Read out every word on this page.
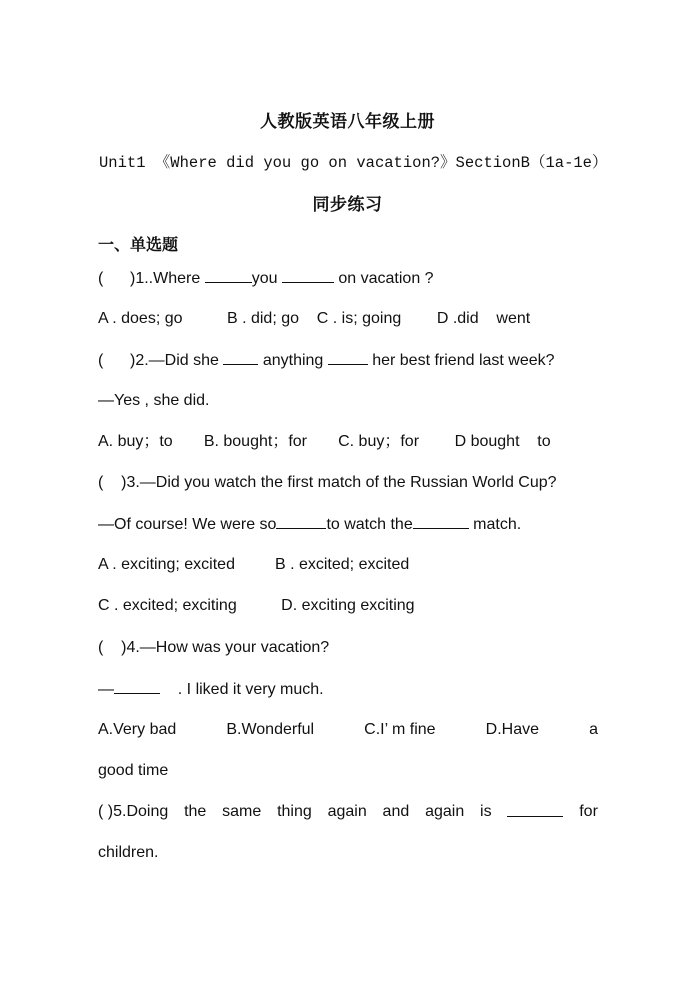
人教版英语八年级上册
Unit1 《Where did you go on vacation?》SectionB（1a-1e）
同步练习
一、单选题
(      )1..Where	you	on vacation ?
A . does; go          B . did; go    C . is; going        D .did    went
(      )2.—Did she  anything	her best friend last week?
—Yes , she did.
A. buy；to       B. bought；for       C. buy；for        D bought    to
(    )3.—Did you watch the first match of the Russian World Cup?
—Of course! We were so	to watch the	match.
A . exciting; excited         B . excited; excited
C . excited; exciting          D. exciting exciting
(    )4.—How was your vacation?
—	. I liked it very much.
A.Very bad	B.Wonderful	C.I’ m fine	D.Have	a
good time
( )5.Doing the same thing again and again is	for
children.
